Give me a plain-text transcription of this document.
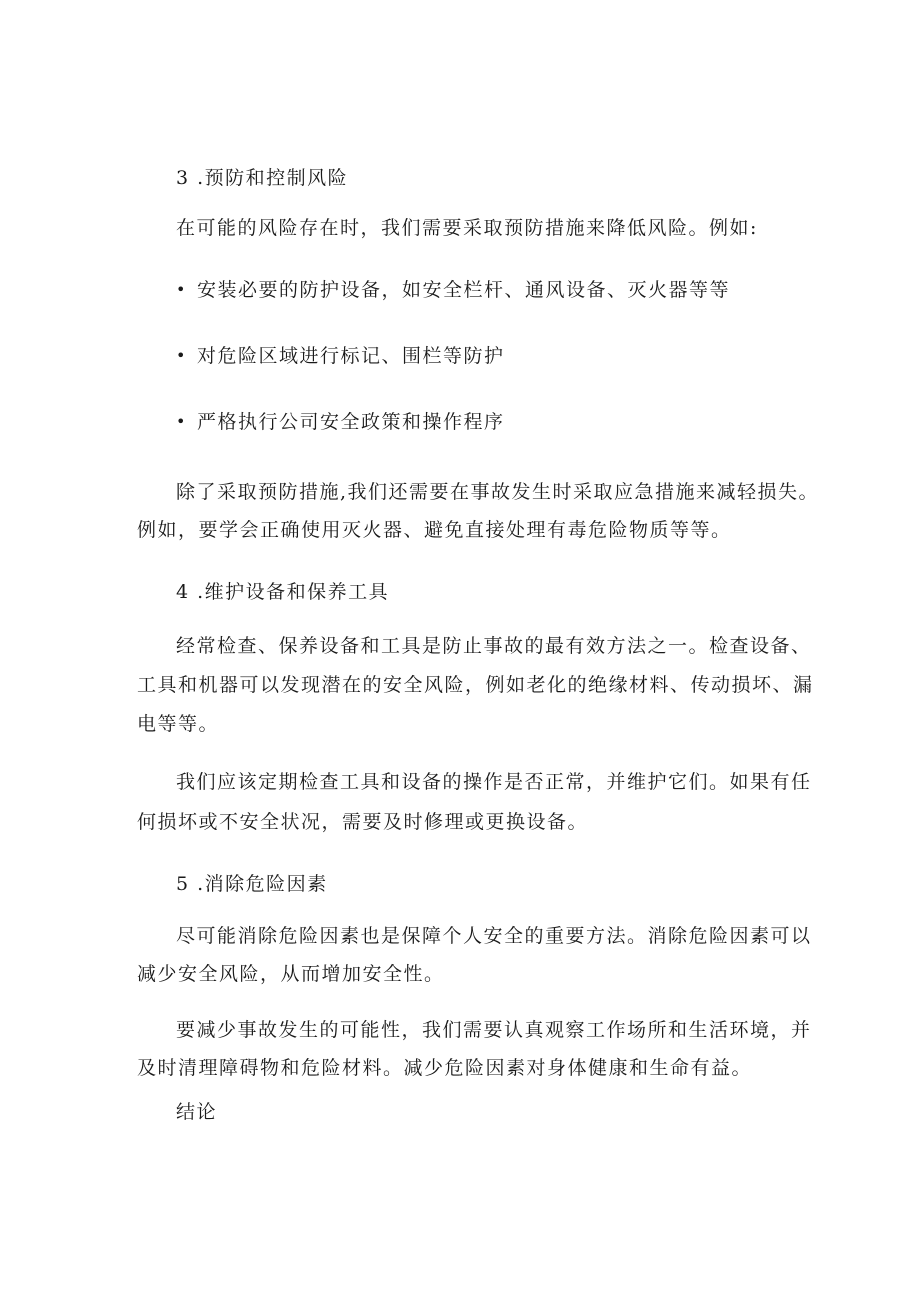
3 .预防和控制风险
在可能的风险存在时，我们需要采取预防措施来降低风险。例如:
• 安装必要的防护设备，如安全栏杆、通风设备、灭火器等等
• 对危险区域进行标记、围栏等防护
• 严格执行公司安全政策和操作程序
除了采取预防措施,我们还需要在事故发生时采取应急措施来减轻损失。
例如，要学会正确使用灭火器、避免直接处理有毒危险物质等等。
4 .维护设备和保养工具
经常检查、保养设备和工具是防止事故的最有效方法之一。检查设备、
工具和机器可以发现潜在的安全风险，例如老化的绝缘材料、传动损坏、漏
电等等。
我们应该定期检查工具和设备的操作是否正常，并维护它们。如果有任
何损坏或不安全状况，需要及时修理或更换设备。
5 .消除危险因素
尽可能消除危险因素也是保障个人安全的重要方法。消除危险因素可以
减少安全风险，从而增加安全性。
要减少事故发生的可能性，我们需要认真观察工作场所和生活环境，并
及时清理障碍物和危险材料。减少危险因素对身体健康和生命有益。
结论
